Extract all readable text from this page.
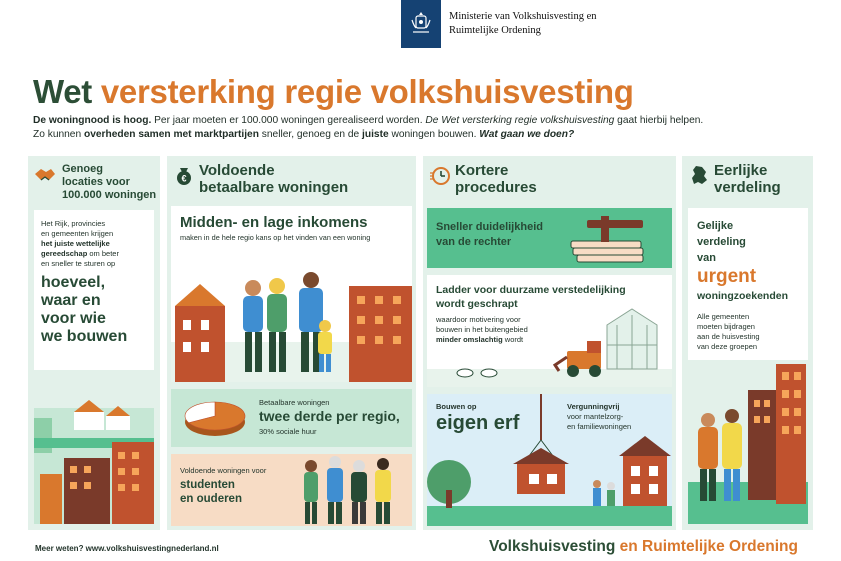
Ministerie van Volkshuisvesting en
Ruimtelijke Ordening
Wet versterking regie volkshuisvesting
De woningnood is hoog. Per jaar moeten er 100.000 woningen gerealiseerd worden. De Wet versterking regie volkshuisvesting gaat hierbij helpen.
Zo kunnen overheden samen met marktpartijen sneller, genoeg en de juiste woningen bouwen. Wat gaan we doen?
Genoeg
locaties voor
100.000 woningen
Het Rijk, provincies
en gemeenten krijgen
het juiste wettelijke
gereedschap om beter
en sneller te sturen op
hoeveel,
waar en
voor wie
we bouwen
€ Voldoende
betaalbare woningen
Midden- en lage inkomens
maken in de hele regio kans op het vinden van een woning
Betaalbare woningen
twee derde per regio,
30% sociale huur
Voldoende woningen voor
studenten
en ouderen
Kortere
procedures
Sneller duidelijkheid
van de rechter
Ladder voor duurzame verstedelijking
wordt geschrapt
waardoor motivering voor
bouwen in het buitengebied
minder omslachtig wordt
Bouwen op
eigen erf
Vergunningvrij
voor mantelzorg-
en familiewoningen
Eerlijke
verdeling
Gelijke
verdeling
van
urgent
woningzoekenden
Alle gemeenten
moeten bijdragen
aan de huisvesting
van deze groepen
Meer weten? www.volkshuisvestingnederland.nl	Volkshuisvesting en Ruimtelijke Ordening
